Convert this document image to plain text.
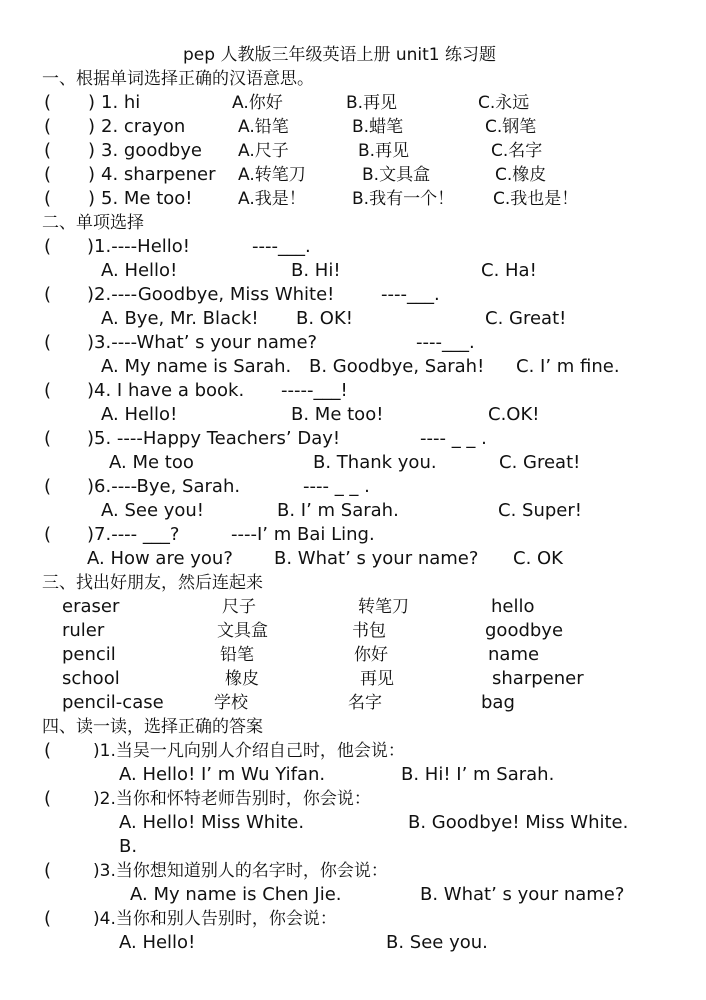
pep 人教版三年级英语上册 unit1 练习题
一、根据单词选择正确的汉语意思。
( ) 1. hi	A.你好	B.再见	C.永远
( ) 2. crayon	A.铅笔	B.蜡笔	C.钢笔
( ) 3. goodbye A.尺子	B.再见	C.名字
( ) 4. sharpener A.转笔刀	B.文具盒	C.橡皮
( ) 5. Me too!	A.我是！	B.我有一个！ C.我也是！
二、单项选择
( )1.----Hello!	----___.
A. Hello!	B. Hi!	C. Ha!
( )2.----Goodbye, Miss White!	----___.
A. Bye, Mr. Black! B. OK!	C. Great!
( )3.----What’ s your name?	----___.
A. My name is Sarah. B. Goodbye, Sarah! C. I’ m fine.
( )4. I have a book. -----___!
A. Hello!	B. Me too!	C.OK!
( )5. ----Happy Teachers’ Day!	---- _ _ .
A. Me too	B. Thank you.	C. Great!
( )6.----Bye, Sarah.	---- _ _ .
A. See you!	B. I’ m Sarah.	C. Super!
( )7.---- ___?	----I’ m Bai Ling.
A. How are you? B. What’ s your name? C. OK
三、找出好朋友，然后连起来
eraser	尺子	转笔刀	hello
ruler	文具盒	书包	goodbye
pencil	铅笔	你好	name
school	橡皮	再见	sharpener
pencil-case	学校	名字	bag
四、读一读，选择正确的答案
( )1.当吴一凡向别人介绍自己时，他会说：
A. Hello! I’ m Wu Yifan.	B. Hi! I’ m Sarah.
( )2.当你和怀特老师告别时，你会说：
A. Hello! Miss White.	B. Goodbye! Miss White.
B.
( )3.当你想知道别人的名字时，你会说：
A. My name is Chen Jie.	B. What’ s your name?
( )4.当你和别人告别时，你会说：
A. Hello!	B. See you.
